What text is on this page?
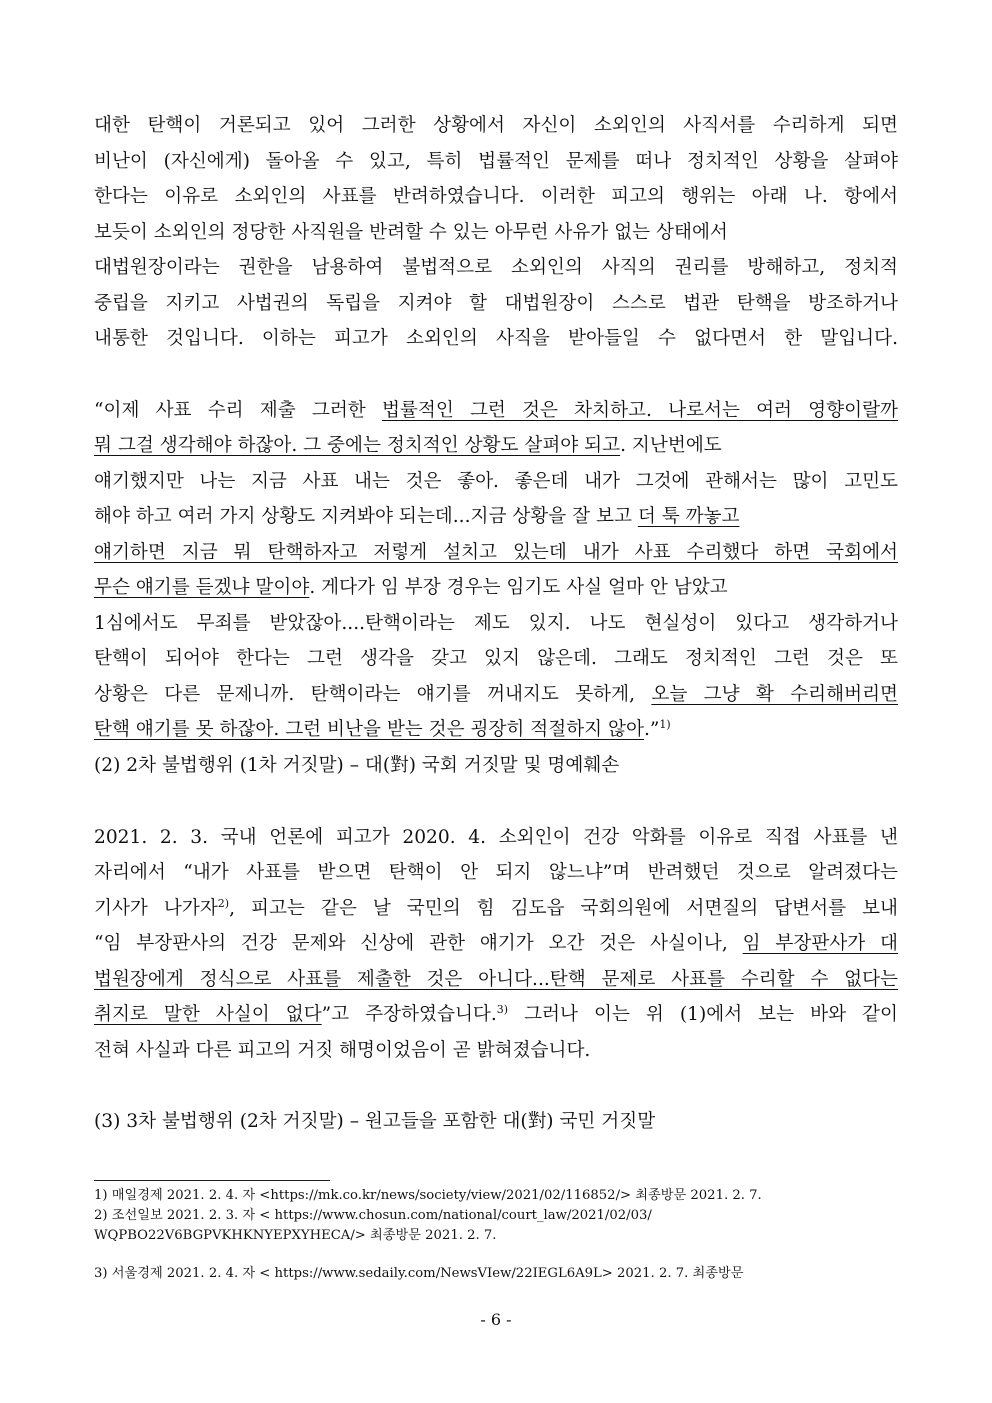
대한 탄핵이 거론되고 있어 그러한 상황에서 자신이 소외인의 사직서를 수리하게 되면
비난이 (자신에게) 돌아올 수 있고, 특히 법률적인 문제를 떠나 정치적인 상황을 살펴야
한다는 이유로 소외인의 사표를 반려하였습니다. 이러한 피고의 행위는 아래 나. 항에서
보듯이 소외인의 정당한 사직원을 반려할 수 있는 아무런 사유가 없는 상태에서
대법원장이라는 권한을 남용하여 불법적으로 소외인의 사직의 권리를 방해하고, 정치적
중립을 지키고 사법권의 독립을 지켜야 할 대법원장이 스스로 법관 탄핵을 방조하거나
내통한 것입니다. 이하는 피고가 소외인의 사직을 받아들일 수 없다면서 한 말입니다.
“이제 사표 수리 제출 그러한 법률적인 그런 것은 차치하고. 나로서는 여러 영향이랄까
뭐 그걸 생각해야 하잖아. 그 중에는 정치적인 상황도 살펴야 되고. 지난번에도
얘기했지만 나는 지금 사표 내는 것은 좋아. 좋은데 내가 그것에 관해서는 많이 고민도
해야 하고 여러 가지 상황도 지켜봐야 되는데...지금 상황을 잘 보고 더 툭 까놓고
얘기하면 지금 뭐 탄핵하자고 저렇게 설치고 있는데 내가 사표 수리했다 하면 국회에서
무슨 얘기를 듣겠냐 말이야. 게다가 임 부장 경우는 임기도 사실 얼마 안 남았고
1심에서도 무죄를 받았잖아....탄핵이라는 제도 있지. 나도 현실성이 있다고 생각하거나
탄핵이 되어야 한다는 그런 생각을 갖고 있지 않은데. 그래도 정치적인 그런 것은 또
상황은 다른 문제니까. 탄핵이라는 얘기를 꺼내지도 못하게, 오늘 그냥 확 수리해버리면
탄핵 얘기를 못 하잖아. 그런 비난을 받는 것은 굉장히 적절하지 않아.”$^{1)}$
(2) 2차 불법행위 (1차 거짓말) – 대(對) 국회 거짓말 및 명예훼손
2021. 2. 3. 국내 언론에 피고가 2020. 4. 소외인이 건강 악화를 이유로 직접 사표를 낸
자리에서 “내가 사표를 받으면 탄핵이 안 되지 않느냐”며 반려했던 것으로 알려졌다는
기사가 나가자$^{2)}$, 피고는 같은 날 국민의 힘 김도읍 국회의원에 서면질의 답변서를 보내
“임 부장판사의 건강 문제와 신상에 관한 얘기가 오간 것은 사실이나, 임 부장판사가 대
법원장에게 정식으로 사표를 제출한 것은 아니다...탄핵 문제로 사표를 수리할 수 없다는
취지로 말한 사실이 없다”고 주장하였습니다.$^{3)}$ 그러나 이는 위 (1)에서 보는 바와 같이
전혀 사실과 다른 피고의 거짓 해명이었음이 곧 밝혀졌습니다.
(3) 3차 불법행위 (2차 거짓말) – 원고들을 포함한 대(對) 국민 거짓말
1) 매일경제 2021. 2. 4. 자 <https://mk.co.kr/news/society/view/2021/02/116852/> 최종방문 2021. 2. 7.
2) 조선일보 2021. 2. 3. 자 < https://www.chosun.com/national/court_law/2021/02/03/
WQPBO22V6BGPVKHKNYEPXYHECA/> 최종방문 2021. 2. 7.
3) 서울경제 2021. 2. 4. 자 < https://www.sedaily.com/NewsVIew/22IEGL6A9L> 2021. 2. 7. 최종방문
- 6 -
